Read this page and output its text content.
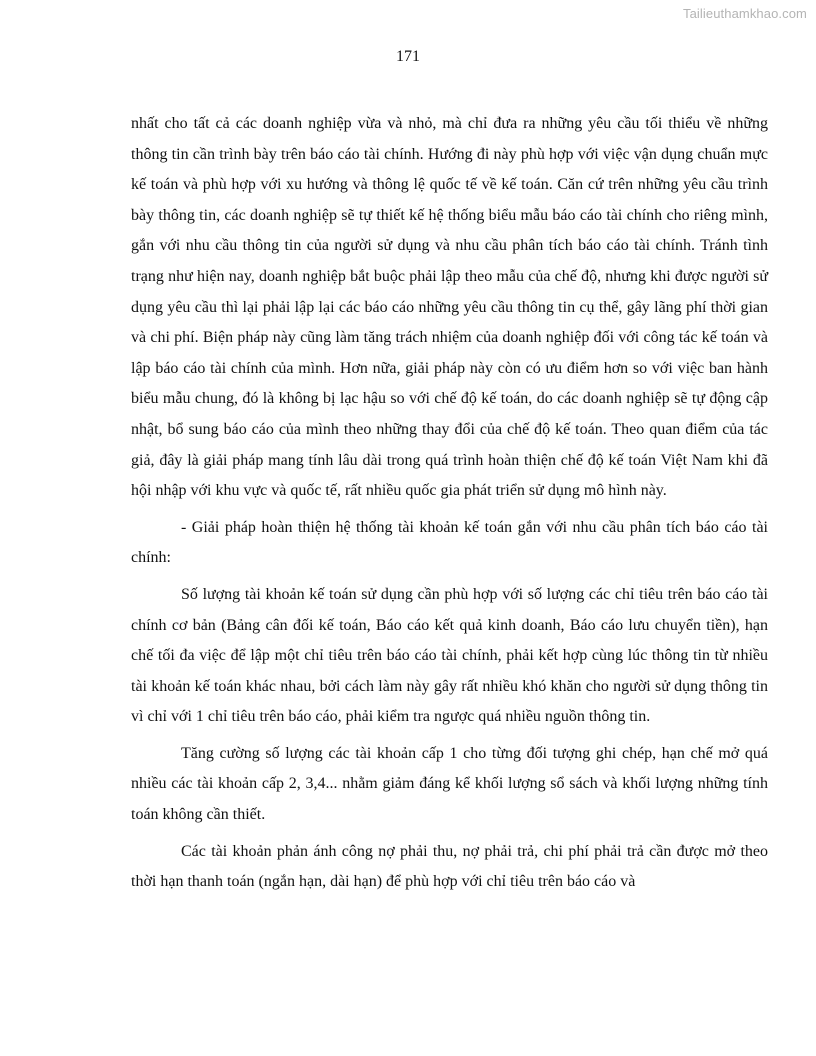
Tailieuthamkhao.com
171

nhất cho tất cả các doanh nghiệp vừa và nhỏ, mà chỉ đưa ra những yêu cầu tối thiểu về những thông tin cần trình bày trên báo cáo tài chính. Hướng đi này phù hợp với việc vận dụng chuẩn mực kế toán và phù hợp với xu hướng và thông lệ quốc tế về kế toán. Căn cứ trên những yêu cầu trình bày thông tin, các doanh nghiệp sẽ tự thiết kế hệ thống biểu mẫu báo cáo tài chính cho riêng mình, gắn với nhu cầu thông tin của người sử dụng và nhu cầu phân tích báo cáo tài chính. Tránh tình trạng như hiện nay, doanh nghiệp bắt buộc phải lập theo mẫu của chế độ, nhưng khi được người sử dụng yêu cầu thì lại phải lập lại các báo cáo những yêu cầu thông tin cụ thể, gây lãng phí thời gian và chi phí. Biện pháp này cũng làm tăng trách nhiệm của doanh nghiệp đối với công tác kế toán và lập báo cáo tài chính của mình. Hơn nữa, giải pháp này còn có ưu điểm hơn so với việc ban hành biểu mẫu chung, đó là không bị lạc hậu so với chế độ kế toán, do các doanh nghiệp sẽ tự động cập nhật, bổ sung báo cáo của mình theo những thay đổi của chế độ kế toán. Theo quan điểm của tác giả, đây là giải pháp mang tính lâu dài trong quá trình hoàn thiện chế độ kế toán Việt Nam khi đã hội nhập với khu vực và quốc tế, rất nhiều quốc gia phát triển sử dụng mô hình này.

- Giải pháp hoàn thiện hệ thống tài khoản kế toán gắn với nhu cầu phân tích báo cáo tài chính:

Số lượng tài khoản kế toán sử dụng cần phù hợp với số lượng các chỉ tiêu trên báo cáo tài chính cơ bản (Bảng cân đối kế toán, Báo cáo kết quả kinh doanh, Báo cáo lưu chuyển tiền), hạn chế tối đa việc để lập một chỉ tiêu trên báo cáo tài chính, phải kết hợp cùng lúc thông tin từ nhiều tài khoản kế toán khác nhau, bởi cách làm này gây rất nhiều khó khăn cho người sử dụng thông tin vì chỉ với 1 chỉ tiêu trên báo cáo, phải kiểm tra ngược quá nhiều nguồn thông tin.

Tăng cường số lượng các tài khoản cấp 1 cho từng đối tượng ghi chép, hạn chế mở quá nhiều các tài khoản cấp 2, 3,4... nhằm giảm đáng kể khối lượng sổ sách và khối lượng những tính toán không cần thiết.

Các tài khoản phản ánh công nợ phải thu, nợ phải trả, chi phí phải trả cần được mở theo thời hạn thanh toán (ngắn hạn, dài hạn) để phù hợp với chỉ tiêu trên báo cáo và
